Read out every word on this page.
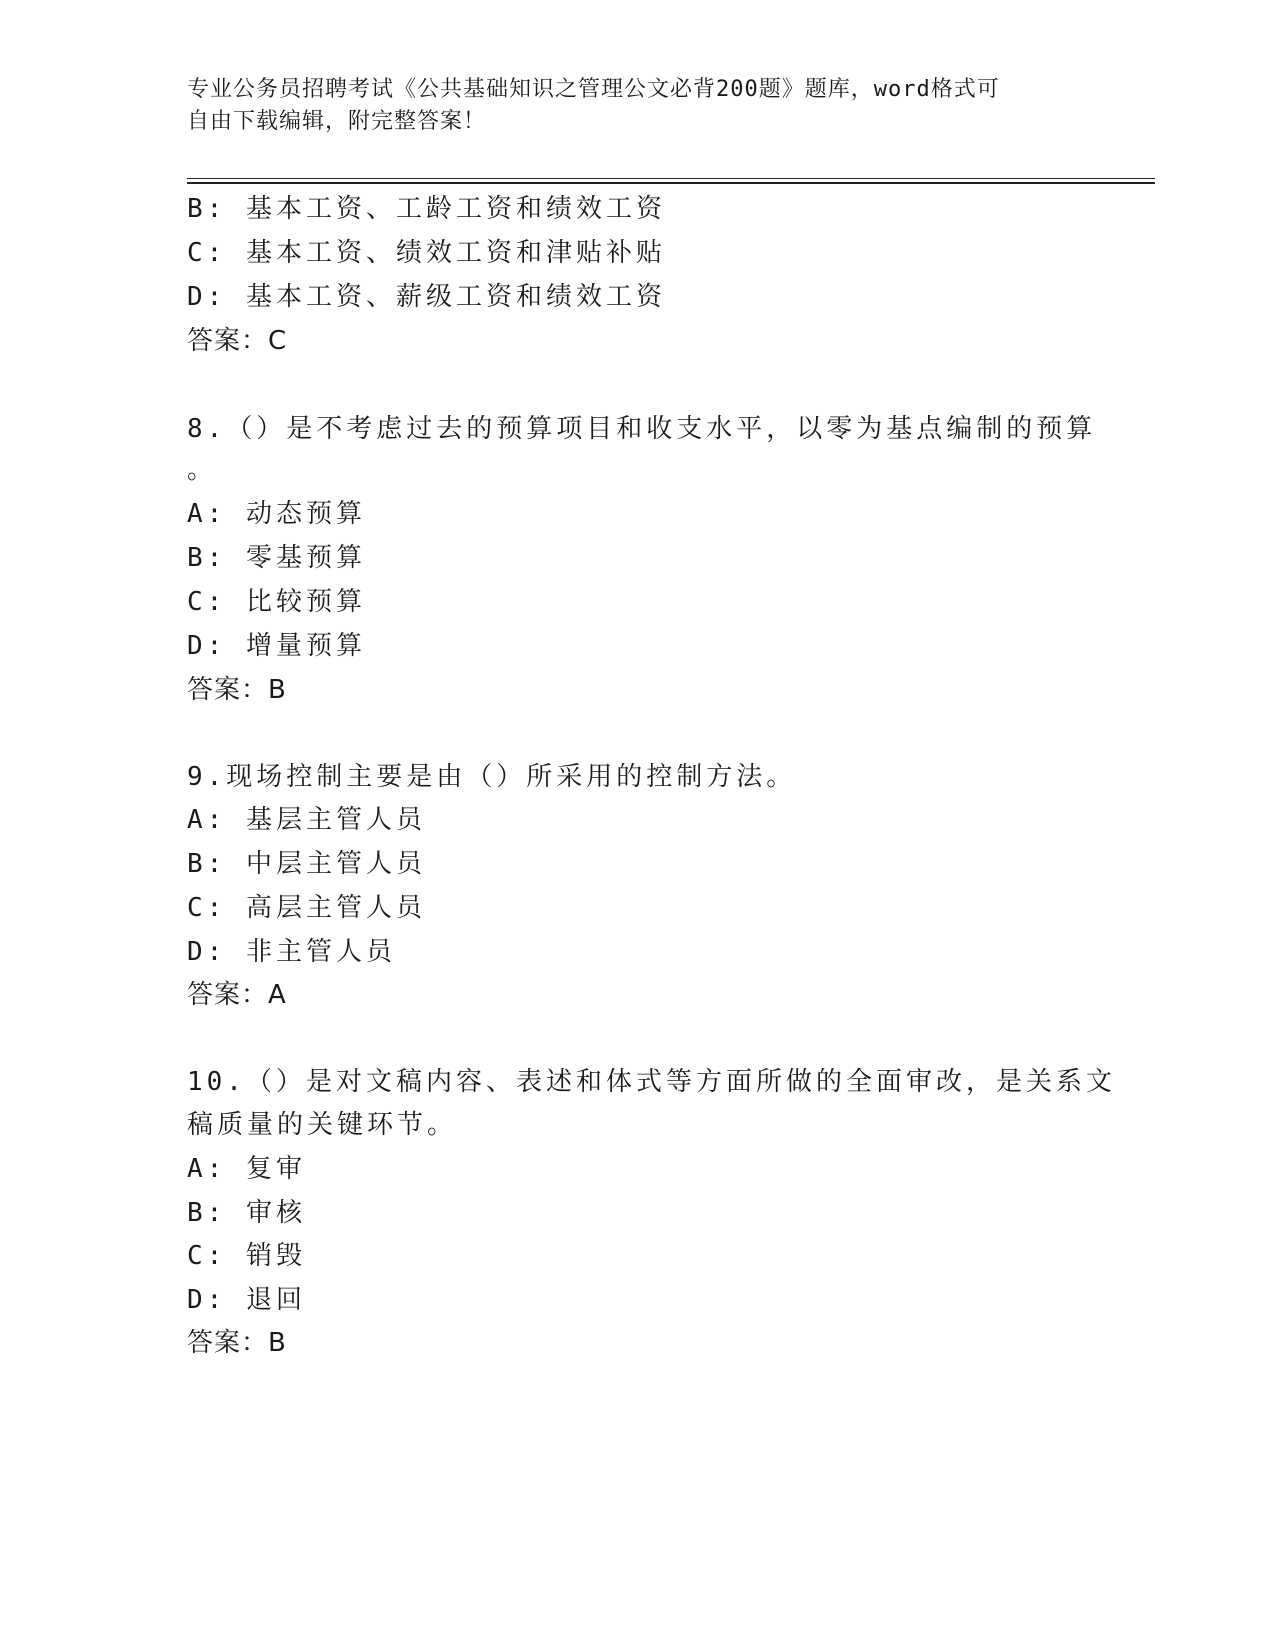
专业公务员招聘考试《公共基础知识之管理公文必背200题》题库，word格式可
自由下载编辑，附完整答案！
B: 基本工资、工龄工资和绩效工资
C: 基本工资、绩效工资和津贴补贴
D: 基本工资、薪级工资和绩效工资
答案：C
8.（）是不考虑过去的预算项目和收支水平，以零为基点编制的预算
。
A: 动态预算
B: 零基预算
C: 比较预算
D: 增量预算
答案：B
9.现场控制主要是由（）所采用的控制方法。
A: 基层主管人员
B: 中层主管人员
C: 高层主管人员
D: 非主管人员
答案：A
10.（）是对文稿内容、表述和体式等方面所做的全面审改，是关系文
稿质量的关键环节。
A: 复审
B: 审核
C: 销毁
D: 退回
答案：B
